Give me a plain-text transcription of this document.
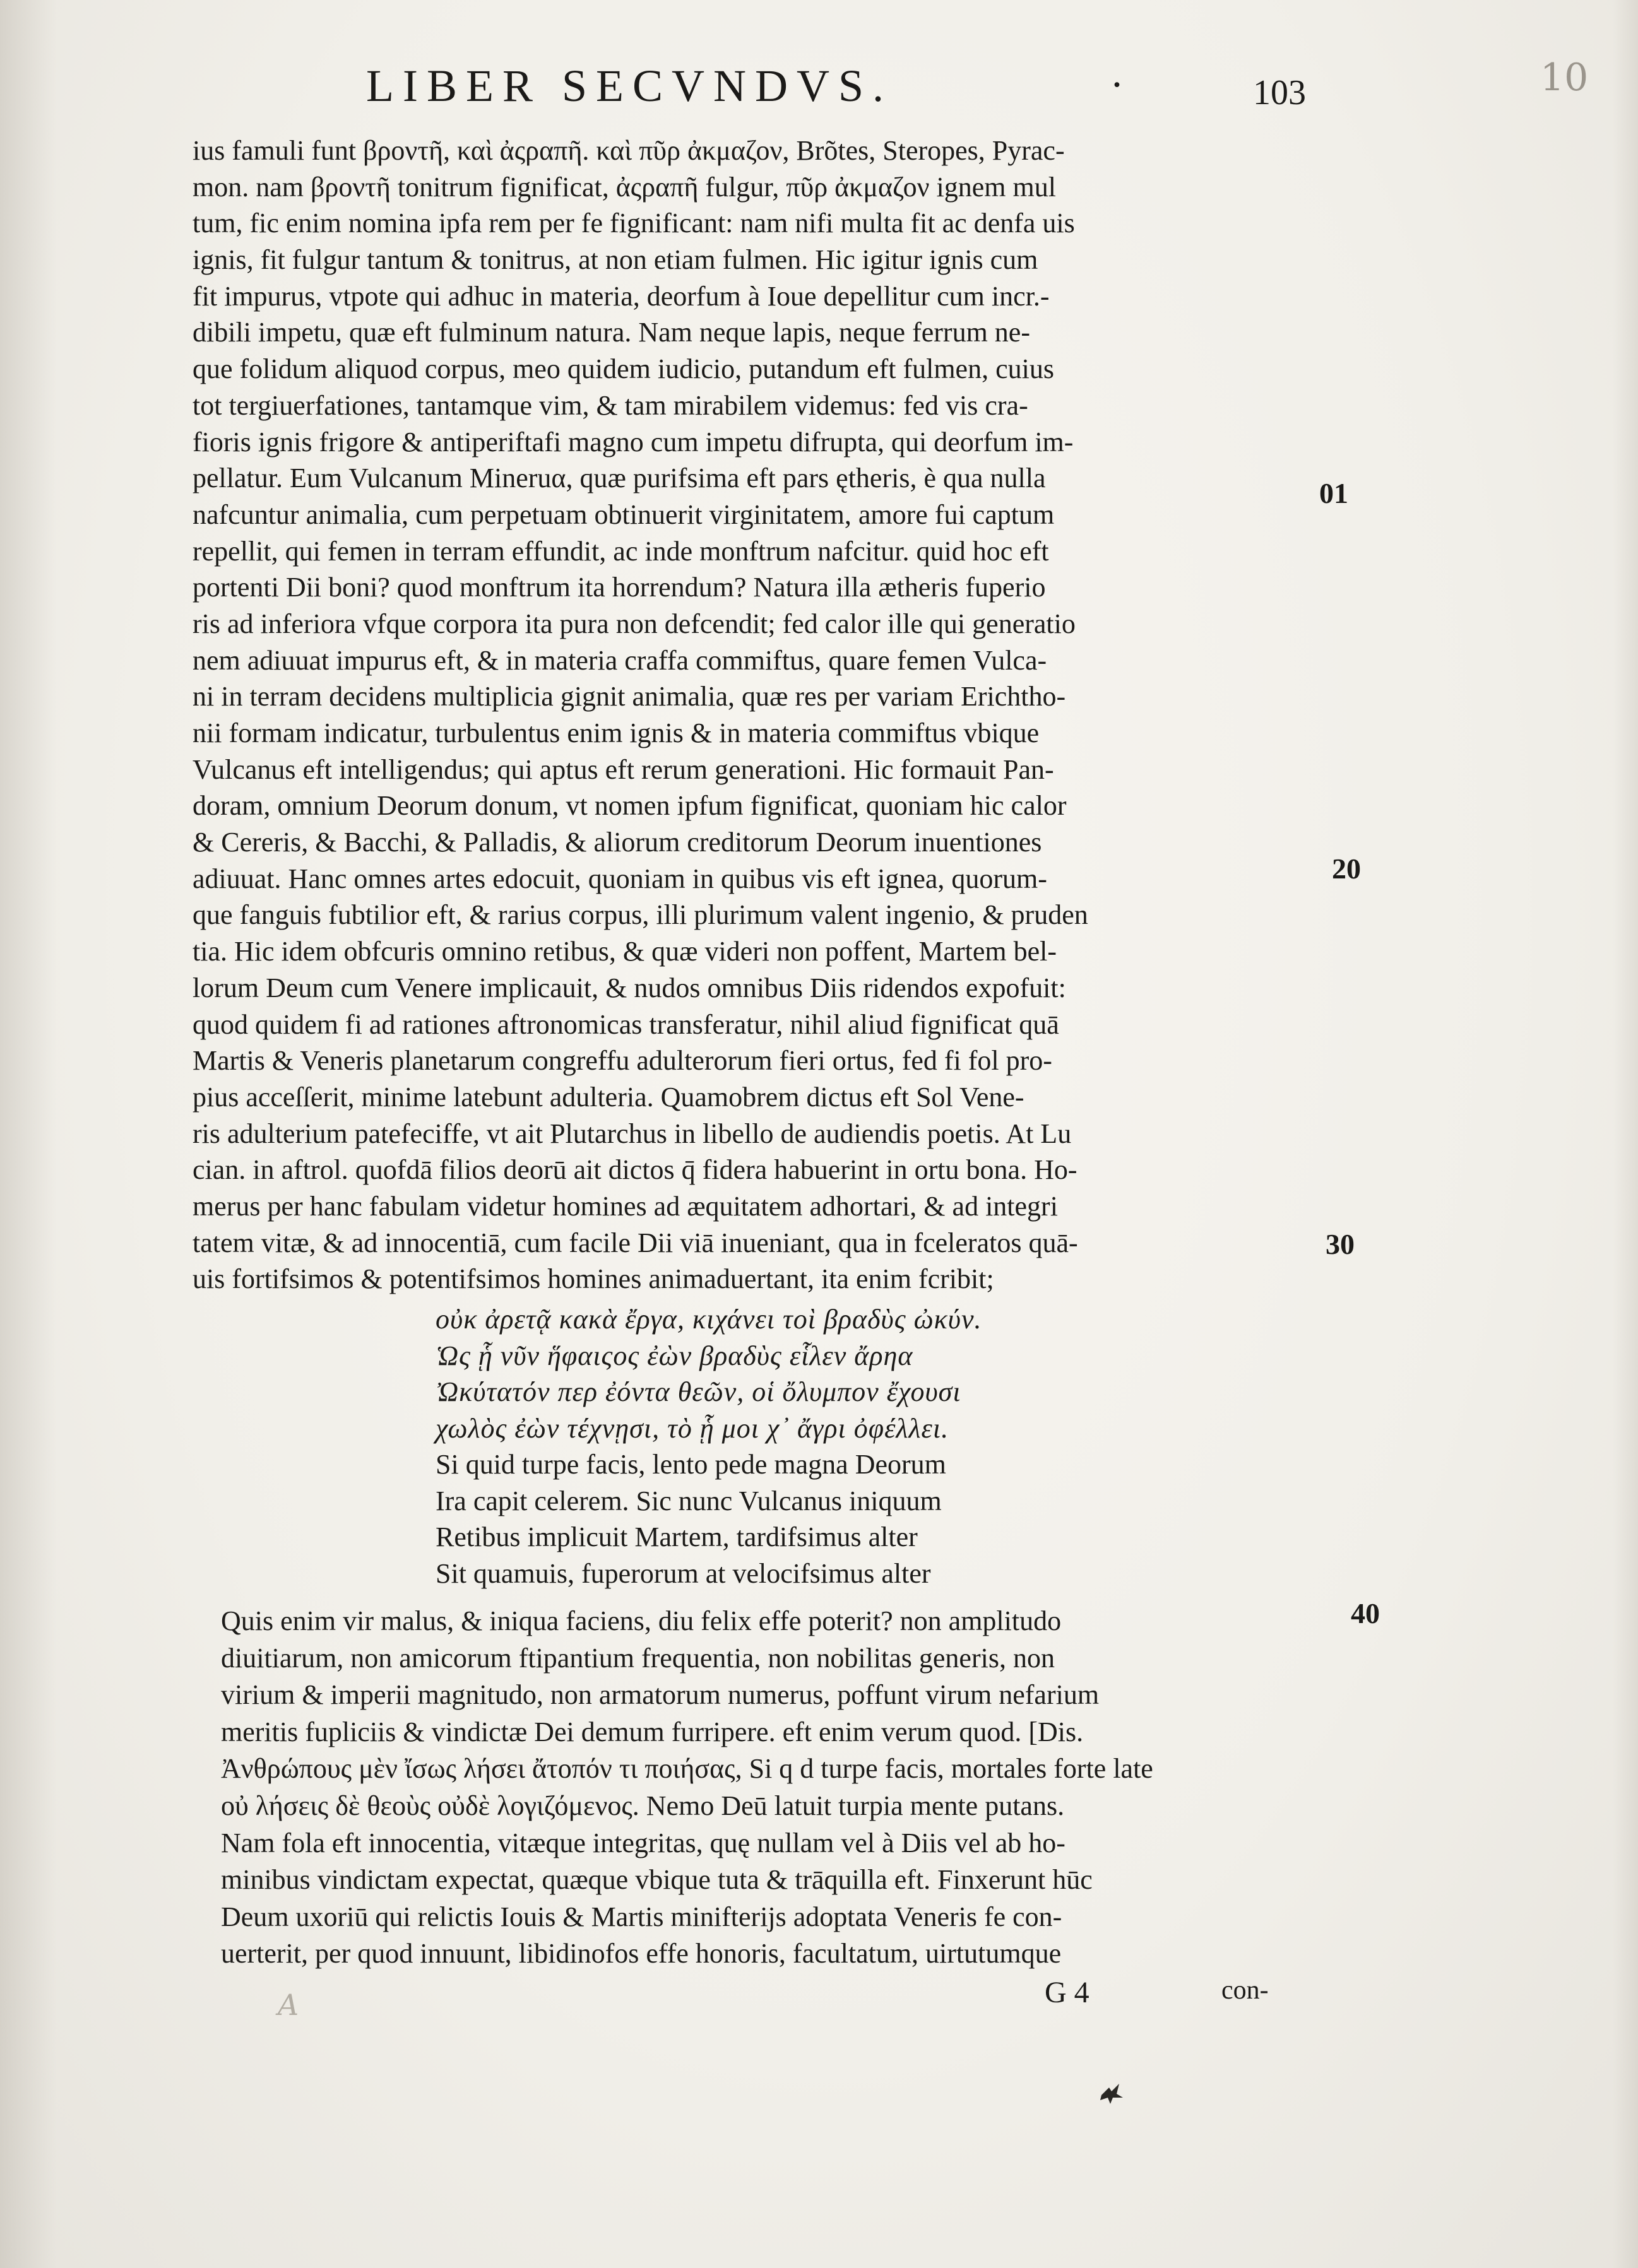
LIBER SECVNDVS.	·	103	10
ius famuli funt βροντῆ, καὶ ἀςραπῆ. καὶ πῦρ ἀκμαζον, Brõtes, Steropes, Pyrac-
mon. nam βροντῆ tonitrum fignificat, ἀςραπῆ fulgur, πῦρ ἀκμαζον ignem mul
tum, fic enim nomina ipfa rem per fe fignificant: nam nifi multa fit ac denfa uis
ignis, fit fulgur tantum & tonitrus, at non etiam fulmen. Hic igitur ignis cum
fit impurus, vtpote qui adhuc in materia, deorfum à Ioue depellitur cum incr.-
dibili impetu, quæ eft fulminum natura. Nam neque lapis, neque ferrum ne-
que folidum aliquod corpus, meo quidem iudicio, putandum eft fulmen, cuius
tot tergiuerfationes, tantamque vim, & tam mirabilem videmus: fed vis cra-
fioris ignis frigore & antiperiftafi magno cum impetu difrupta, qui deorfum im-
pellatur. Eum Vulcanum Mineruα, quæ purifsima eft pars ętheris, è qua nulla
nafcuntur animalia, cum perpetuam obtinuerit virginitatem, amore fui captum
repellit, qui femen in terram effundit, ac inde monftrum nafcitur. quid hoc eft
portenti Dii boni? quod monftrum ita horrendum? Natura illa ætheris fuperio
ris ad inferiora vfque corpora ita pura non defcendit; fed calor ille qui generatio
nem adiuuat impurus eft, & in materia craffa commiftus, quare femen Vulca-
ni in terram decidens multiplicia gignit animalia, quæ res per variam Erichtho-
nii formam indicatur, turbulentus enim ignis & in materia commiftus vbique
Vulcanus eft intelligendus; qui aptus eft rerum generationi. Hic formauit Pan-
doram, omnium Deorum donum, vt nomen ipfum fignificat, quoniam hic calor
& Cereris, & Bacchi, & Palladis, & aliorum creditorum Deorum inuentiones
adiuuat. Hanc omnes artes edocuit, quoniam in quibus vis eft ignea, quorum-
que fanguis fubtilior eft, & rarius corpus, illi plurimum valent ingenio, & pruden
tia. Hic idem obfcuris omnino retibus, & quæ videri non poffent, Martem bel-
lorum Deum cum Venere implicauit, & nudos omnibus Diis ridendos expofuit:
quod quidem fi ad rationes aftronomicas transferatur, nihil aliud fignificat quā
Martis & Veneris planetarum congreffu adulterorum fieri ortus, fed fi fol pro-
pius acceſſerit, minime latebunt adulteria. Quamobrem dictus eft Sol Vene-
ris adulterium patefeciffe, vt ait Plutarchus in libello de audiendis poetis. At Lu
cian. in aftrol. quofdā filios deorū ait dictos q̄ fidera habuerint in ortu bona. Ho-
merus per hanc fabulam videtur homines ad æquitatem adhortari, & ad integri
tatem vitæ, & ad innocentiā, cum facile Dii viā inueniant, qua in fceleratos quā-
uis fortifsimos & potentifsimos homines animaduertant, ita enim fcribit;
οὐκ ἀρετᾷ κακὰ ἔργα, κιχάνει τοὶ βραδὺς ὠκύν.
Ὡς ᾗ νῦν ἥφαιςος ἐὼν βραδὺς εἷλεν ἄρηα
Ὠκύτατόν περ ἐόντα θεῶν, οἱ ὄλυμπον ἔχουσι
χωλὸς ἐὼν τέχνῃσι, τὸ ᾗ μοι χ᾽ ἄγρι ὀφέλλει.
Si quid turpe facis, lento pede magna Deorum
Ira capit celerem. Sic nunc Vulcanus iniquum
Retibus implicuit Martem, tardifsimus alter
Sit quamuis, fuperorum at velocifsimus alter
Quis enim vir malus, & iniqua faciens, diu felix effe poterit? non amplitudo
diuitiarum, non amicorum ftipantium frequentia, non nobilitas generis, non
virium & imperii magnitudo, non armatorum numerus, poffunt virum nefarium
meritis fupliciis & vindictæ Dei demum furripere. eft enim verum quod. [Dis.
Ἀνθρώπους μὲν ἴσως λήσει ἄτοπόν τι ποιήσας, Si q d turpe facis, mortales forte late
οὐ λήσεις δὲ θεοὺς οὐδὲ λογιζόμενος. Nemo Deū latuit turpia mente putans.
Nam fola eft innocentia, vitæque integritas, quę nullam vel à Diis vel ab ho-
minibus vindictam expectat, quæque vbique tuta & trāquilla eft. Finxerunt hūc
Deum uxoriū qui relictis Iouis & Martis minifterijs adoptata Veneris fe con-
uerterit, per quod innuunt, libidinofos effe honoris, facultatum, uirtutumque
01
20
30
40
A	G 4	con-
